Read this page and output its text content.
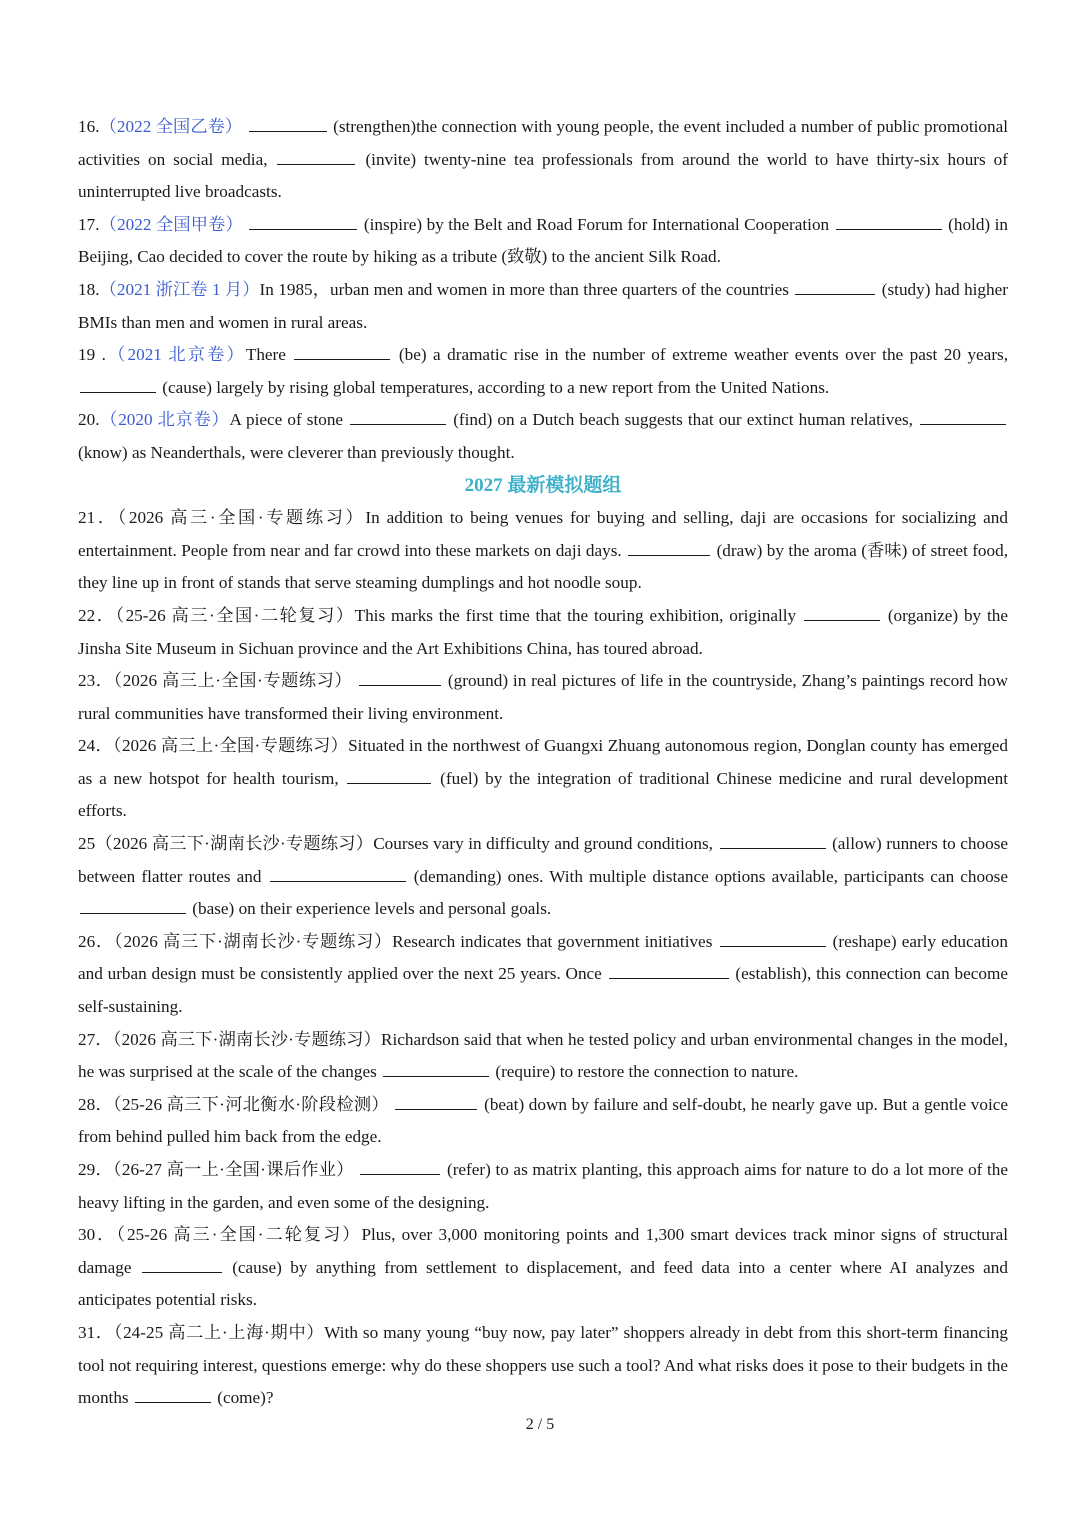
16.（2022 全国乙卷）	(strengthen)the connection with young people, the event included a number of public promotional activities on social media,	(invite) twenty-nine tea professionals from around the world to have thirty-six hours of uninterrupted live broadcasts.

17.（2022 全国甲卷）	(inspire) by the Belt and Road Forum for International Cooperation	(hold) in Beijing, Cao decided to cover the route by hiking as a tribute (致敬) to the ancient Silk Road.

18.（2021 浙江卷 1 月）In 1985，urban men and women in more than three quarters of the countries	(study) had higher BMIs than men and women in rural areas.

19 .（2021 北京卷）There	(be) a dramatic rise in the number of extreme weather events over the past 20 years,  (cause) largely by rising global temperatures, according to a new report from the United Nations.

20.（2020 北京卷）A piece of stone	(find) on a Dutch beach suggests that our extinct human relatives,  (know) as Neanderthals, were cleverer than previously thought.

2027 最新模拟题组

21．（2026 高三·全国·专题练习）In addition to being venues for buying and selling, daji are occasions for socializing and entertainment. People from near and far crowd into these markets on daji days.	(draw) by the aroma (香味) of street food, they line up in front of stands that serve steaming dumplings and hot noodle soup.

22．（25-26 高三·全国·二轮复习）This marks the first time that the touring exhibition, originally	(organize) by the Jinsha Site Museum in Sichuan province and the Art Exhibitions China, has toured abroad.

23．（2026 高三上·全国·专题练习）	(ground) in real pictures of life in the countryside, Zhang’s paintings record how rural communities have transformed their living environment.

24．（2026 高三上·全国·专题练习）Situated in the northwest of Guangxi Zhuang autonomous region, Donglan county has emerged as a new hotspot for health tourism,	(fuel) by the integration of traditional Chinese medicine and rural development efforts.

25（2026 高三下·湖南长沙·专题练习）Courses vary in difficulty and ground conditions,	(allow) runners to choose between flatter routes and	(demanding) ones. With multiple distance options available, participants can choose  (base) on their experience levels and personal goals.

26．（2026 高三下·湖南长沙·专题练习）Research indicates that government initiatives	(reshape) early education and urban design must be consistently applied over the next 25 years. Once	(establish), this connection can become self-sustaining.

27．（2026 高三下·湖南长沙·专题练习）Richardson said that when he tested policy and urban environmental changes in the model, he was surprised at the scale of the changes	(require) to restore the connection to nature.

28．（25-26 高三下·河北衡水·阶段检测）	(beat) down by failure and self-doubt, he nearly gave up. But a gentle voice from behind pulled him back from the edge.

29．（26-27 高一上·全国·课后作业）	(refer) to as matrix planting, this approach aims for nature to do a lot more of the heavy lifting in the garden, and even some of the designing.

30．（25-26 高三·全国·二轮复习）Plus, over 3,000 monitoring points and 1,300 smart devices track minor signs of structural damage	(cause) by anything from settlement to displacement, and feed data into a center where AI analyzes and anticipates potential risks.

31．（24-25 高二上·上海·期中）With so many young “buy now, pay later” shoppers already in debt from this short-term financing tool not requiring interest, questions emerge: why do these shoppers use such a tool? And what risks does it pose to their budgets in the months	(come)?

2 / 5
